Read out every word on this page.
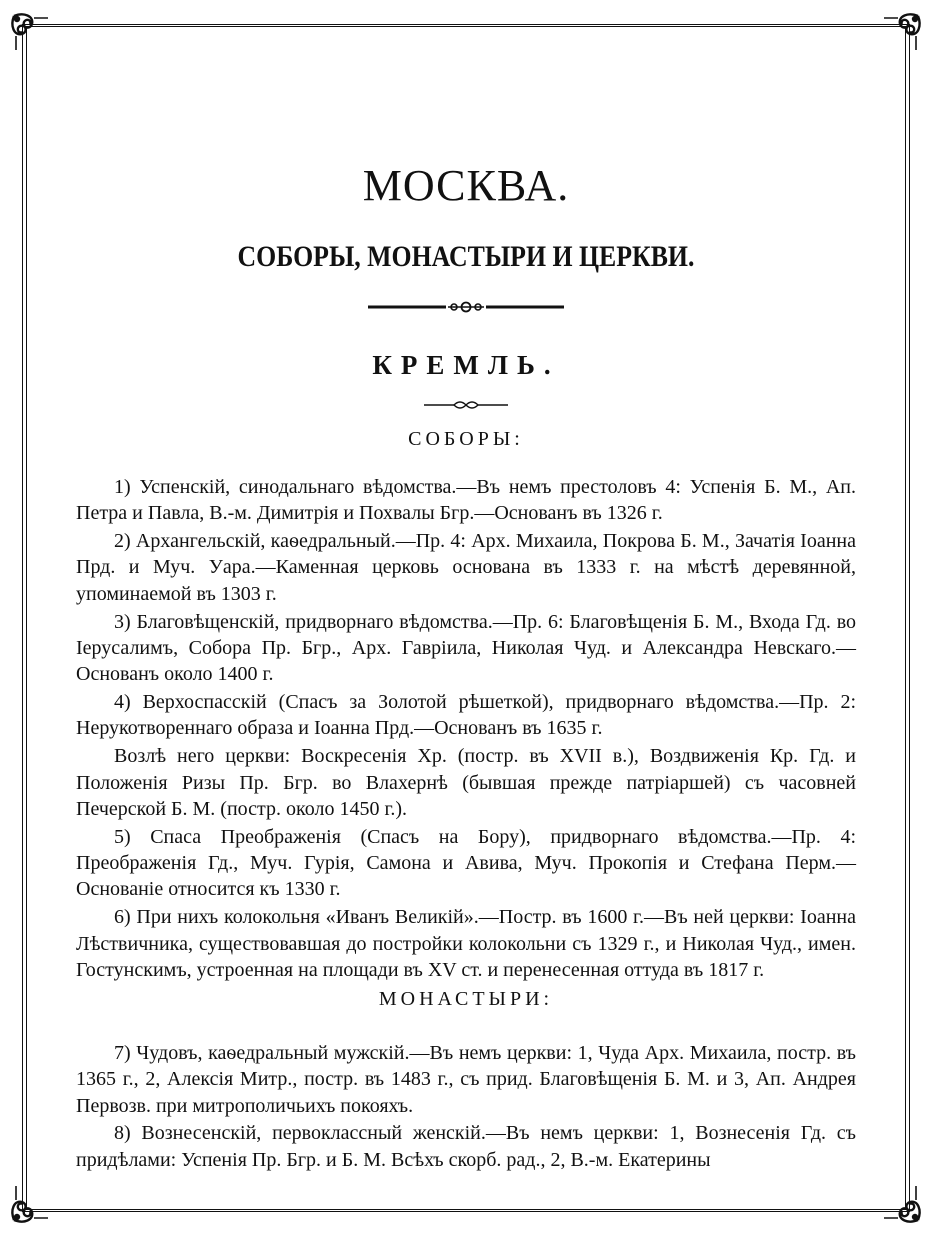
МОСКВА.
СОБОРЫ, МОНАСТЫРИ И ЦЕРКВИ.
КРЕМЛЬ.
СОБОРЫ:

1) Успенскiй, синодальнаго вѣдомства.—Въ немъ престоловъ 4: Успенiя Б. М., Ап. Петра и Павла, В.-м. Димитрiя и Похвалы Бгр.—Основанъ въ 1326 г.

2) Архангельскiй, каѳедральный.—Пр. 4: Арх. Михаила, Покрова Б. М., Зачатiя Iоанна Прд. и Муч. Уара.—Каменная церковь основана въ 1333 г. на мѣстѣ деревянной, упоминаемой въ 1303 г.

3) Благовѣщенскiй, придворнаго вѣдомства.—Пр. 6: Благовѣщенiя Б. М., Входа Гд. во Iерусалимъ, Собора Пр. Бгр., Арх. Гаврiила, Николая Чуд. и Александра Невскаго.—Основанъ около 1400 г.

4) Верхоспасскiй (Спасъ за Золотой рѣшеткой), придворнаго вѣдомства.—Пр. 2: Нерукотвореннаго образа и Iоанна Прд.—Основанъ въ 1635 г.

Возлѣ него церкви: Воскресенiя Хр. (постр. въ XVII в.), Воздвиженiя Кр. Гд. и Положенiя Ризы Пр. Бгр. во Влахернѣ (бывшая прежде патрiаршей) съ часовней Печерской Б. М. (постр. около 1450 г.).

5) Спаса Преображенiя (Спасъ на Бору), придворнаго вѣдомства.—Пр. 4: Преображенiя Гд., Муч. Гурiя, Самона и Авива, Муч. Прокопiя и Стефана Перм.—Основанiе относится къ 1330 г.

6) При нихъ колокольня «Иванъ Великiй».—Постр. въ 1600 г.—Въ ней церкви: Iоанна Лѣствичника, существовавшая до постройки колокольни съ 1329 г., и Николая Чуд., имен. Гостунскимъ, устроенная на площади въ XV ст. и перенесенная оттуда въ 1817 г.

МОНАСТЫРИ:

7) Чудовъ, каѳедральный мужскiй.—Въ немъ церкви: 1, Чуда Арх. Михаила, постр. въ 1365 г., 2, Алексiя Митр., постр. въ 1483 г., съ прид. Благовѣщенiя Б. М. и 3, Ап. Андрея Первозв. при митрополичьихъ покояхъ.

8) Вознесенскiй, первоклассный женскiй.—Въ немъ церкви: 1, Вознесенiя Гд. съ придѣлами: Успенiя Пр. Бгр. и Б. М. Всѣхъ скорб. рад., 2, В.-м. Екатерины
